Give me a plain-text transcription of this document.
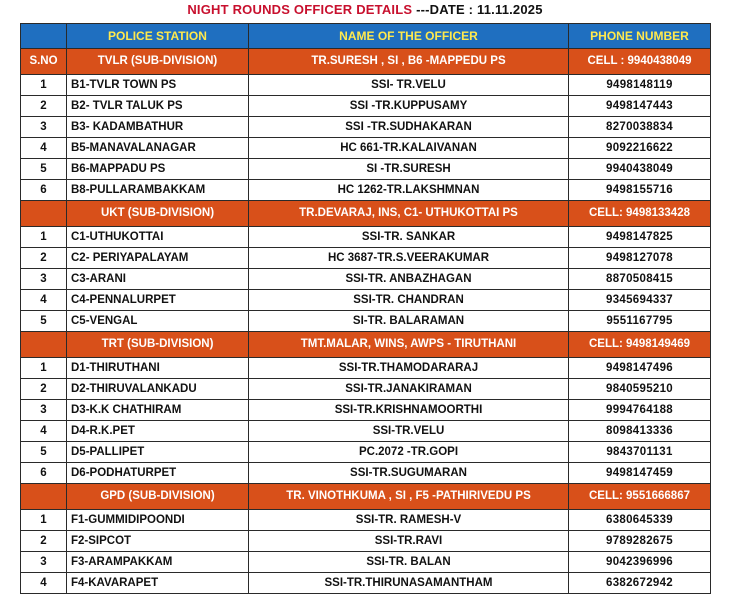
NIGHT ROUNDS OFFICER DETAILS ---DATE : 11.11.2025
	POLICE STATION	NAME OF THE OFFICER	PHONE NUMBER
S.NO	TVLR (SUB-DIVISION)	TR.SURESH , SI , B6 -MAPPEDU PS	CELL : 9940438049
1	B1-TVLR TOWN PS	SSI- TR.VELU	9498148119
2	B2- TVLR TALUK PS	SSI -TR.KUPPUSAMY	9498147443
3	B3- KADAMBATHUR	SSI -TR.SUDHAKARAN	8270038834
4	B5-MANAVALANAGAR	HC 661-TR.KALAIVANAN	9092216622
5	B6-MAPPADU PS	SI -TR.SURESH	9940438049
6	B8-PULLARAMBAKKAM	HC 1262-TR.LAKSHMNAN	9498155716
	UKT (SUB-DIVISION)	TR.DEVARAJ, INS, C1- UTHUKOTTAI PS	CELL: 9498133428
1	C1-UTHUKOTTAI	SSI-TR. SANKAR	9498147825
2	C2- PERIYAPALAYAM	HC 3687-TR.S.VEERAKUMAR	9498127078
3	C3-ARANI	SSI-TR. ANBAZHAGAN	8870508415
4	C4-PENNALURPET	SSI-TR. CHANDRAN	9345694337
5	C5-VENGAL	SI-TR. BALARAMAN	9551167795
	TRT (SUB-DIVISION)	TMT.MALAR, WINS, AWPS - TIRUTHANI	CELL: 9498149469
1	D1-THIRUTHANI	SSI-TR.THAMODARARAJ	9498147496
2	D2-THIRUVALANKADU	SSI-TR.JANAKIRAMAN	9840595210
3	D3-K.K CHATHIRAM	SSI-TR.KRISHNAMOORTHI	9994764188
4	D4-R.K.PET	SSI-TR.VELU	8098413336
5	D5-PALLIPET	PC.2072 -TR.GOPI	9843701131
6	D6-PODHATURPET	SSI-TR.SUGUMARAN	9498147459
	GPD (SUB-DIVISION)	TR. VINOTHKUMA , SI , F5 -PATHIRIVEDU PS	CELL: 9551666867
1	F1-GUMMIDIPOONDI	SSI-TR. RAMESH-V	6380645339
2	F2-SIPCOT	SSI-TR.RAVI	9789282675
3	F3-ARAMPAKKAM	SSI-TR. BALAN	9042396996
4	F4-KAVARAPET	SSI-TR.THIRUNASAMANTHAM	6382672942
